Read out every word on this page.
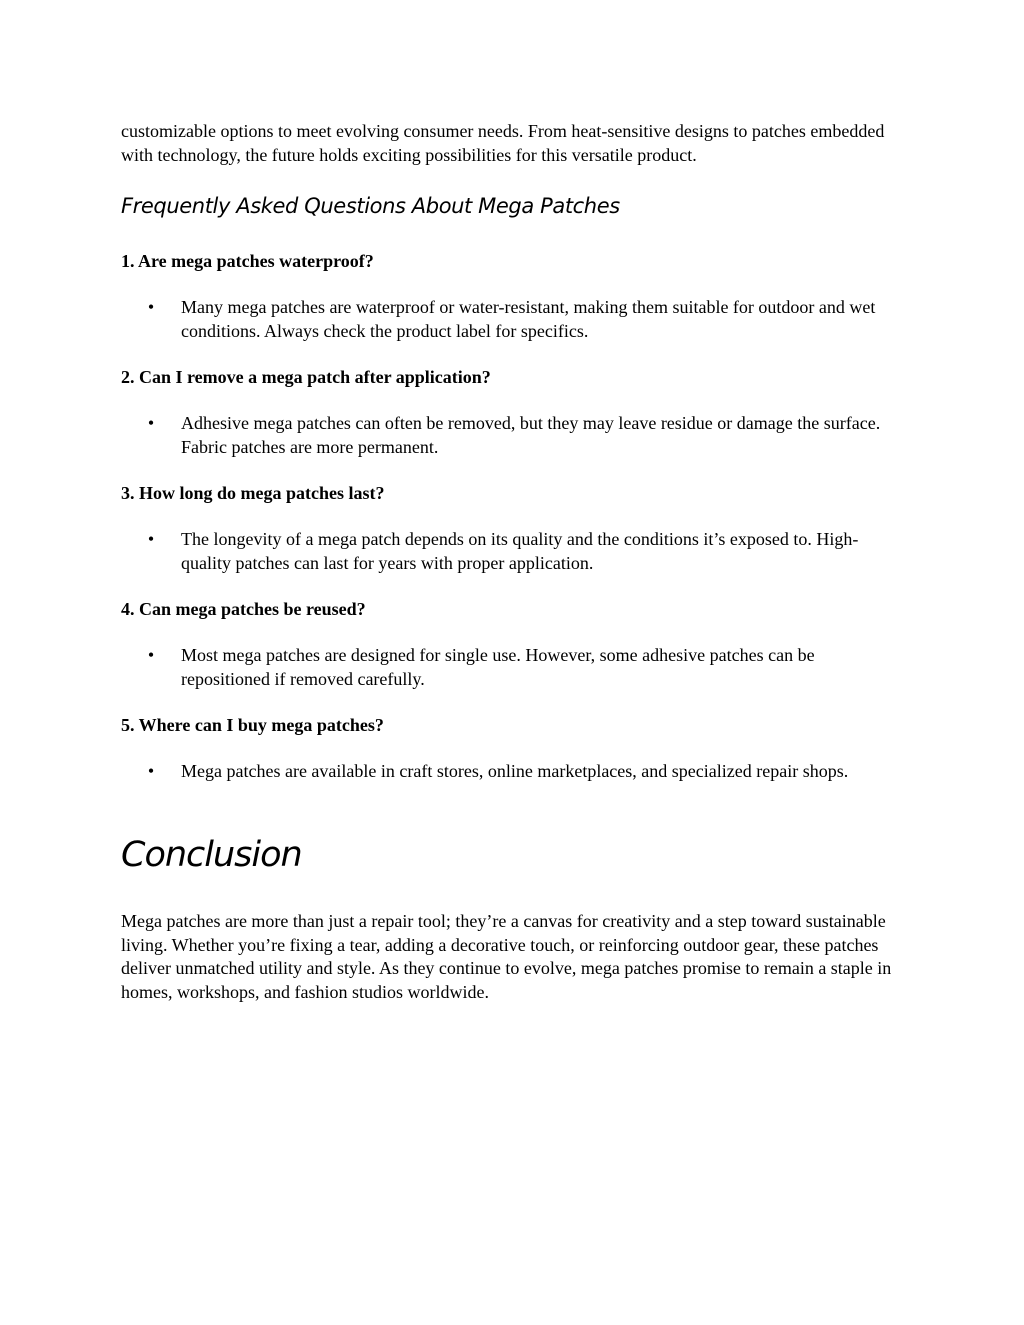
customizable options to meet evolving consumer needs. From heat-sensitive designs to patches embedded with technology, the future holds exciting possibilities for this versatile product.

Frequently Asked Questions About Mega Patches

1. Are mega patches waterproof?

• Many mega patches are waterproof or water-resistant, making them suitable for outdoor and wet conditions. Always check the product label for specifics.

2. Can I remove a mega patch after application?

• Adhesive mega patches can often be removed, but they may leave residue or damage the surface. Fabric patches are more permanent.

3. How long do mega patches last?

• The longevity of a mega patch depends on its quality and the conditions it’s exposed to. High-quality patches can last for years with proper application.

4. Can mega patches be reused?

• Most mega patches are designed for single use. However, some adhesive patches can be repositioned if removed carefully.

5. Where can I buy mega patches?

• Mega patches are available in craft stores, online marketplaces, and specialized repair shops.
Conclusion

Mega patches are more than just a repair tool; they’re a canvas for creativity and a step toward sustainable living. Whether you’re fixing a tear, adding a decorative touch, or reinforcing outdoor gear, these patches deliver unmatched utility and style. As they continue to evolve, mega patches promise to remain a staple in homes, workshops, and fashion studios worldwide.
